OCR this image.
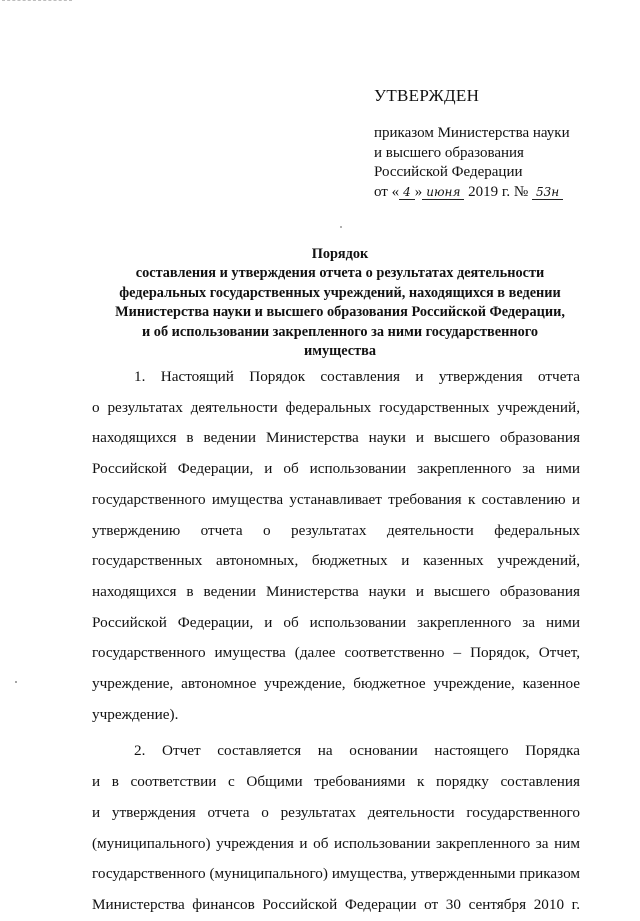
УТВЕРЖДЕН
приказом Министерства науки
и высшего образования
Российской Федерации
от « 4 » июня 2019 г. № 53н
Порядок
составления и утверждения отчета о результатах деятельности
федеральных государственных учреждений, находящихся в ведении
Министерства науки и высшего образования Российской Федерации,
и об использовании закрепленного за ними государственного
имущества
1. Настоящий Порядок составления и утверждения отчета
о результатах деятельности федеральных государственных учреждений,
находящихся в ведении Министерства науки и высшего образования
Российской Федерации, и об использовании закрепленного за ними
государственного имущества устанавливает требования к составлению и
утверждению отчета о результатах деятельности федеральных
государственных автономных, бюджетных и казенных учреждений,
находящихся в ведении Министерства науки и высшего образования
Российской Федерации, и об использовании закрепленного за ними
государственного имущества (далее соответственно – Порядок, Отчет,
учреждение, автономное учреждение, бюджетное учреждение, казенное
учреждение).
2. Отчет составляется на основании настоящего Порядка
и в соответствии с Общими требованиями к порядку составления
и утверждения отчета о результатах деятельности государственного
(муниципального) учреждения и об использовании закрепленного за ним
государственного (муниципального) имущества, утвержденными приказом
Министерства финансов Российской Федерации от 30 сентября 2010 г.
